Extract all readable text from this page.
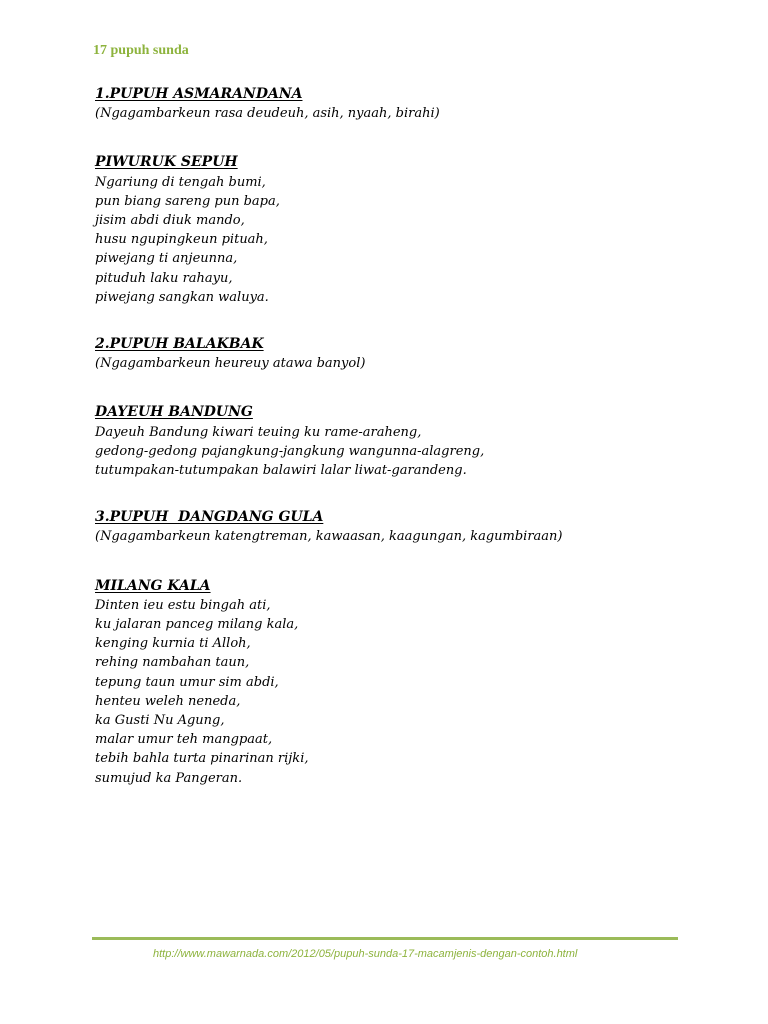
17 pupuh sunda
1.PUPUH ASMARANDANA
(Ngagambarkeun rasa deudeuh, asih, nyaah, birahi)
PIWURUK SEPUH
Ngariung di tengah bumi,
pun biang sareng pun bapa,
jisim abdi diuk mando,
husu ngupingkeun pituah,
piwejang ti anjeunna,
pituduh laku rahayu,
piwejang sangkan waluya.
2.PUPUH BALAKBAK
(Ngagambarkeun heureuy atawa banyol)
DAYEUH BANDUNG
Dayeuh Bandung kiwari teuing ku rame-araheng,
gedong-gedong pajangkung-jangkung wangunna-alagreng,
tutumpakan-tutumpakan balawiri lalar liwat-garandeng.
3.PUPUH  DANGDANG GULA
(Ngagambarkeun katengtreman, kawaasan, kaagungan, kagumbiraan)
MILANG KALA
Dinten ieu estu bingah ati,
ku jalaran panceg milang kala,
kenging kurnia ti Alloh,
rehing nambahan taun,
tepung taun umur sim abdi,
henteu weleh neneda,
ka Gusti Nu Agung,
malar umur teh mangpaat,
tebih bahla turta pinarinan rijki,
sumujud ka Pangeran.
http://www.mawarnada.com/2012/05/pupuh-sunda-17-macamjenis-dengan-contoh.html
